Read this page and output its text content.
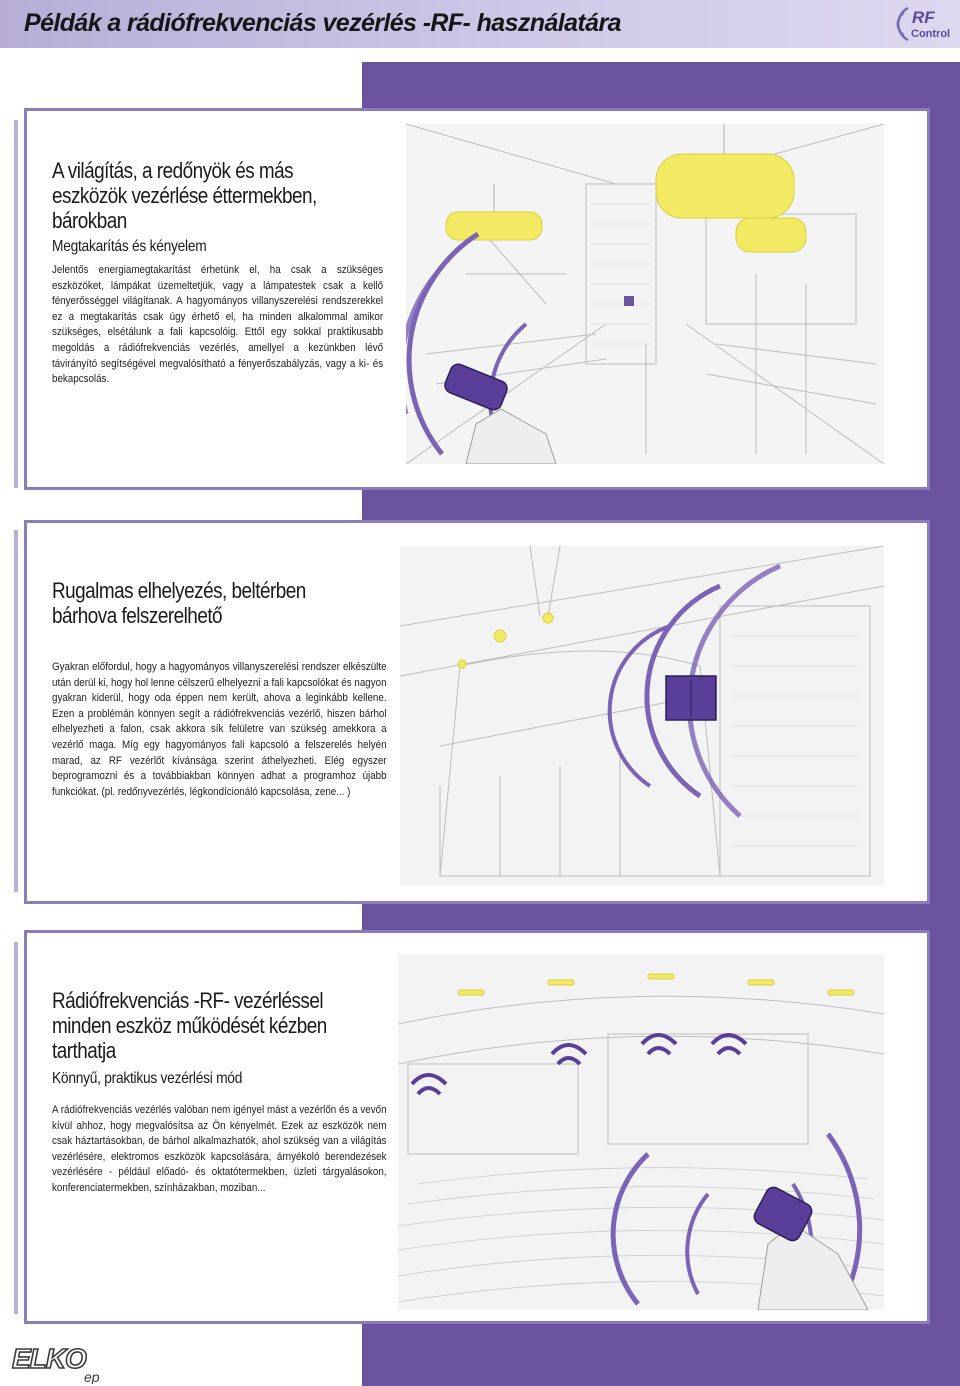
Példák a rádiófrekvenciás vezérlés -RF- használatára	RF
Control
A világítás, a redőnyök és más
eszközök vezérlése éttermekben,
bárokban
Megtakarítás és kényelem
Jelentős energiamegtakarítást érhetünk el, ha csak a szükséges eszközöket, lámpákat üzemeltetjük, vagy a lámpatestek csak a kellő fényerősséggel világítanak. A hagyományos villanyszerelési rendszerekkel ez a megtakarítás csak úgy érhető el, ha minden alkalommal amikor szükséges, elsétálunk a fali kapcsolóig. Ettől egy sokkal praktikusabb megoldás a rádiófrekvenciás vezérlés, amellyel a kezünkben lévő távirányító segítségével megvalósítható a fényerőszabályzás, vagy a ki- és bekapcsolás.
Rugalmas elhelyezés, beltérben
bárhova felszerelhető
Gyakran előfordul, hogy a hagyományos villanyszerelési rendszer elkészülte után derül ki, hogy hol lenne célszerű elhelyezni a fali kapcsolókat és nagyon gyakran kiderül, hogy oda éppen nem került, ahova a leginkább kellene. Ezen a problémán könnyen segít a rádiófrekvenciás vezérlő, hiszen bárhol elhelyezheti a falon, csak akkora sík felületre van szükség amekkora a vezérlő maga. Míg egy hagyományos fali kapcsoló a felszerelés helyén marad, az RF vezérlőt kívánsága szerint áthelyezheti. Elég egyszer beprogramozni és a továbbiakban könnyen adhat a programhoz újabb funkciókat. (pl. redőnyvezérlés, légkondícionáló kapcsolása, zene... )
Rádiófrekvenciás -RF- vezérléssel
minden eszköz működését kézben
tarthatja
Könnyű, praktikus vezérlési mód
A rádiófrekvenciás vezérlés valóban nem igényel mást a vezérlőn és a vevőn kívül ahhoz, hogy megvalósítsa az Ön kényelmét. Ezek az eszközök nem csak háztartásokban, de bárhol alkalmazhatók, ahol szükség van a világítás vezérlésére, elektromos eszközök kapcsolására, árnyékoló berendezések vezérlésére - például előadó- és oktatótermekben, üzleti tárgyalásokon, konferenciatermekben, színházakban, moziban...
ELKO
ep
